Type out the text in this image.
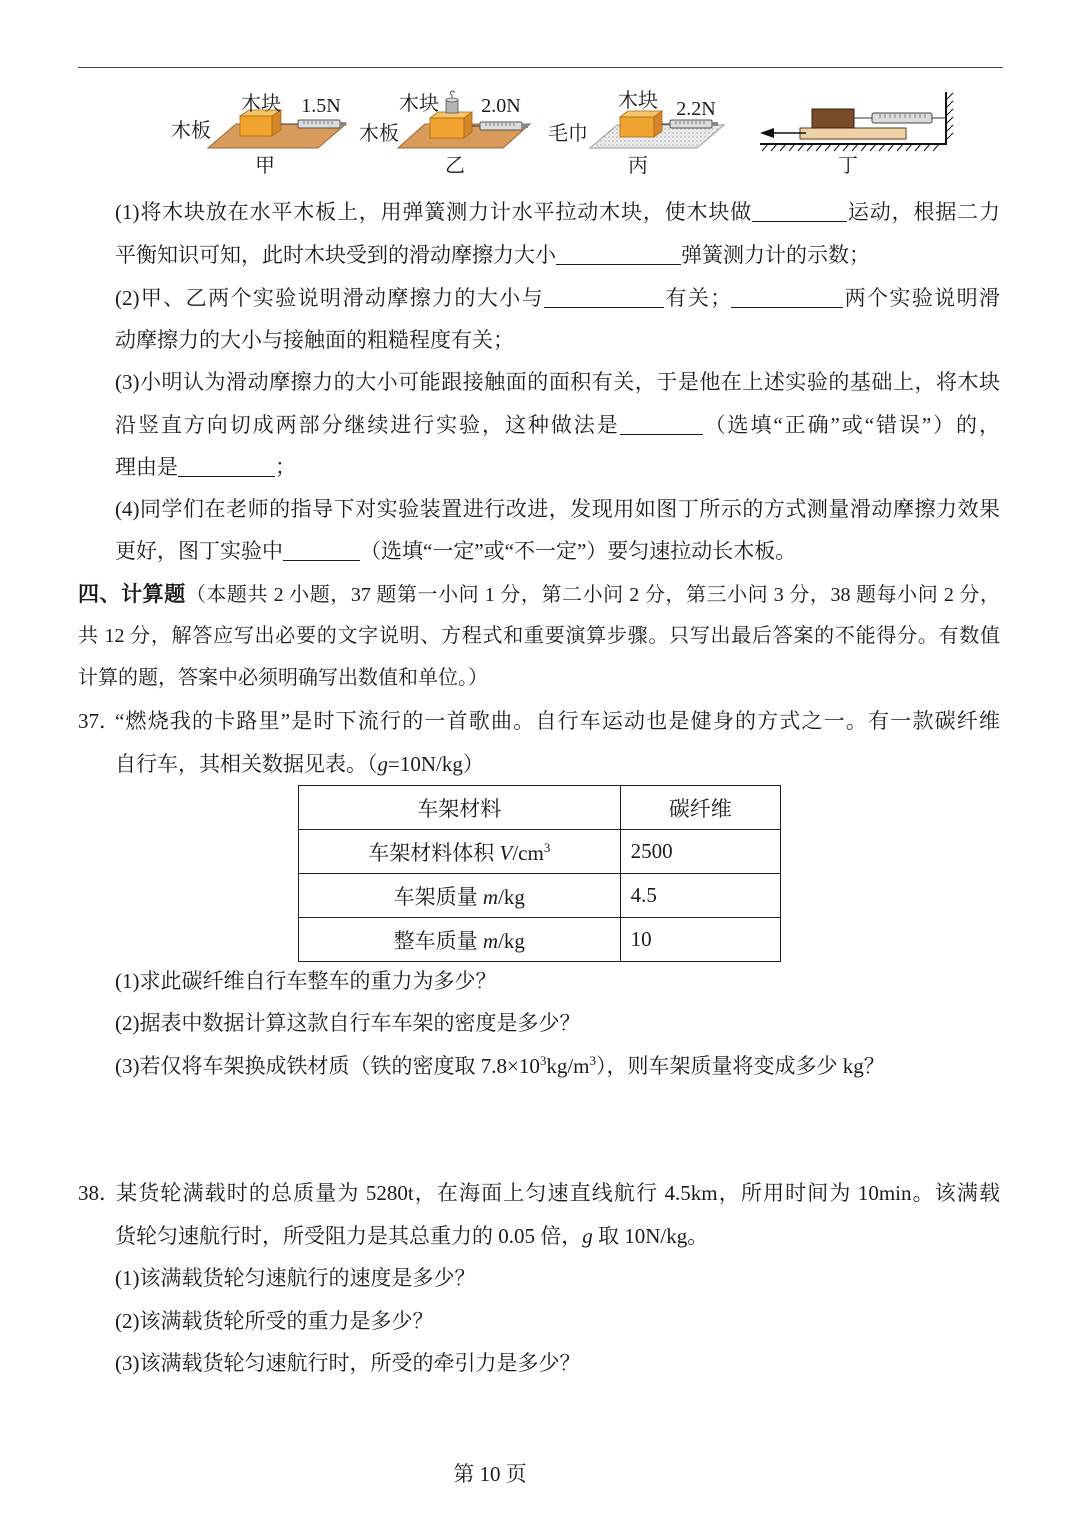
木块 1.5N
木板
甲
木块 2.0N
木板
乙
木块 2.2N
毛巾
丙	丁
(1)将木块放在水平木板上，用弹簧测力计水平拉动木块，使木块做	运动，根据二力
平衡知识可知，此时木块受到的滑动摩擦力大小	弹簧测力计的示数；
(2)甲、乙两个实验说明滑动摩擦力的大小与	有关；	两个实验说明滑
动摩擦力的大小与接触面的粗糙程度有关；
(3)小明认为滑动摩擦力的大小可能跟接触面的面积有关，于是他在上述实验的基础上，将木块
沿竖直方向切成两部分继续进行实验，这种做法是	（选填“正确”或“错误”）的，
理由是	；
(4)同学们在老师的指导下对实验装置进行改进，发现用如图丁所示的方式测量滑动摩擦力效果
更好，图丁实验中	（选填“一定”或“不一定”）要匀速拉动长木板。
四、计算题（本题共 2 小题，37 题第一小问 1 分，第二小问 2 分，第三小问 3 分，38 题每小问 2 分，
共 12 分，解答应写出必要的文字说明、方程式和重要演算步骤。只写出最后答案的不能得分。有数值
计算的题，答案中必须明确写出数值和单位。）
37．“燃烧我的卡路里”是时下流行的一首歌曲。自行车运动也是健身的方式之一。有一款碳纤维
自行车，其相关数据见表。（g=10N/kg）
车架材料	碳纤维
车架材料体积 $V/cm^3$	2500
车架质量 m/kg	4.5
整车质量 m/kg	10
(1)求此碳纤维自行车整车的重力为多少？
(2)据表中数据计算这款自行车车架的密度是多少？
(3)若仅将车架换成铁材质（铁的密度取 $7.8\times 10^3kg/m^3$），则车架质量将变成多少 kg？
38．某货轮满载时的总质量为 5280t，在海面上匀速直线航行 4.5km，所用时间为 10min。该满载
货轮匀速航行时，所受阻力是其总重力的 0.05 倍，g 取 10N/kg。
(1)该满载货轮匀速航行的速度是多少？
(2)该满载货轮所受的重力是多少？
(3)该满载货轮匀速航行时，所受的牵引力是多少？
第 10 页
